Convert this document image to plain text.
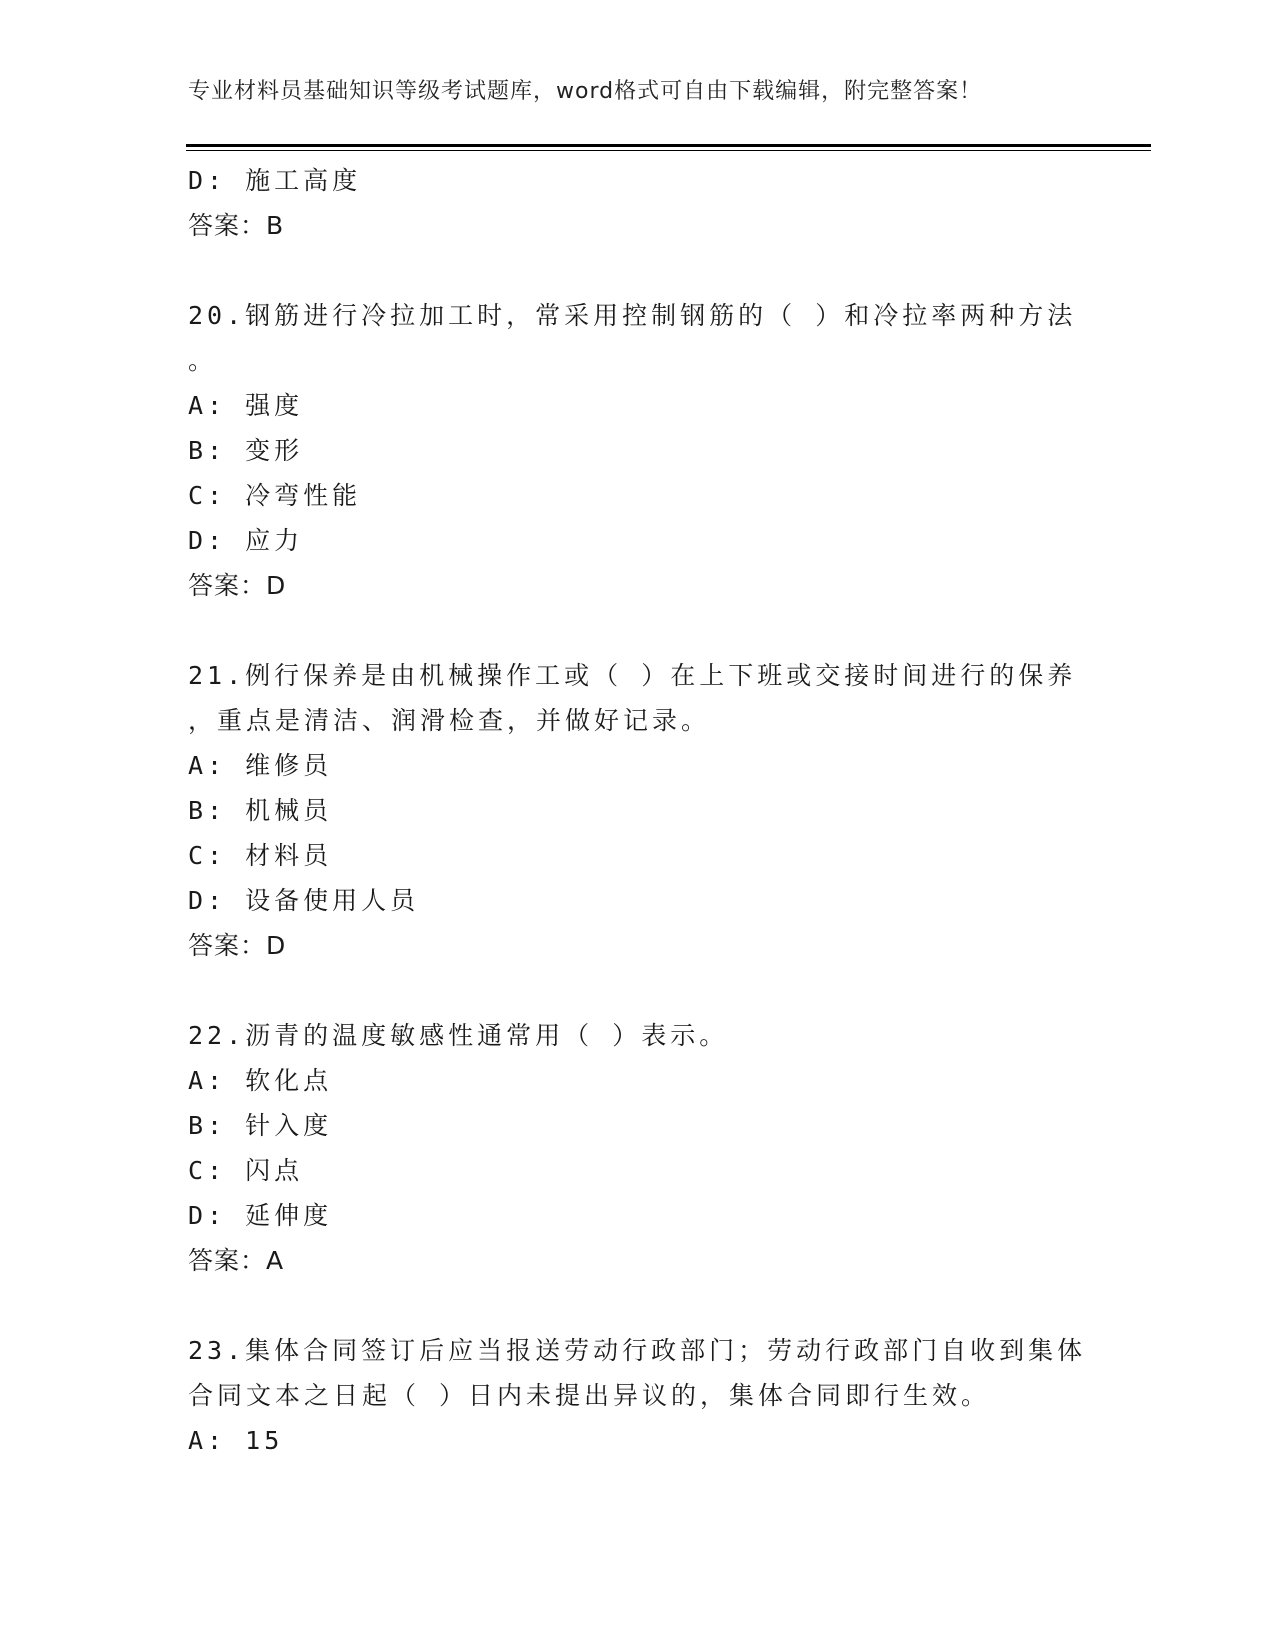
专业材料员基础知识等级考试题库，word格式可自由下载编辑，附完整答案！
D: 施工高度
答案：B
20.钢筋进行冷拉加工时，常采用控制钢筋的（ ）和冷拉率两种方法
。
A: 强度
B: 变形
C: 冷弯性能
D: 应力
答案：D
21.例行保养是由机械操作工或（ ）在上下班或交接时间进行的保养
，重点是清洁、润滑检查，并做好记录。
A: 维修员
B: 机械员
C: 材料员
D: 设备使用人员
答案：D
22.沥青的温度敏感性通常用（ ）表示。
A: 软化点
B: 针入度
C: 闪点
D: 延伸度
答案：A
23.集体合同签订后应当报送劳动行政部门；劳动行政部门自收到集体
合同文本之日起（ ）日内未提出异议的，集体合同即行生效。
A: 15
